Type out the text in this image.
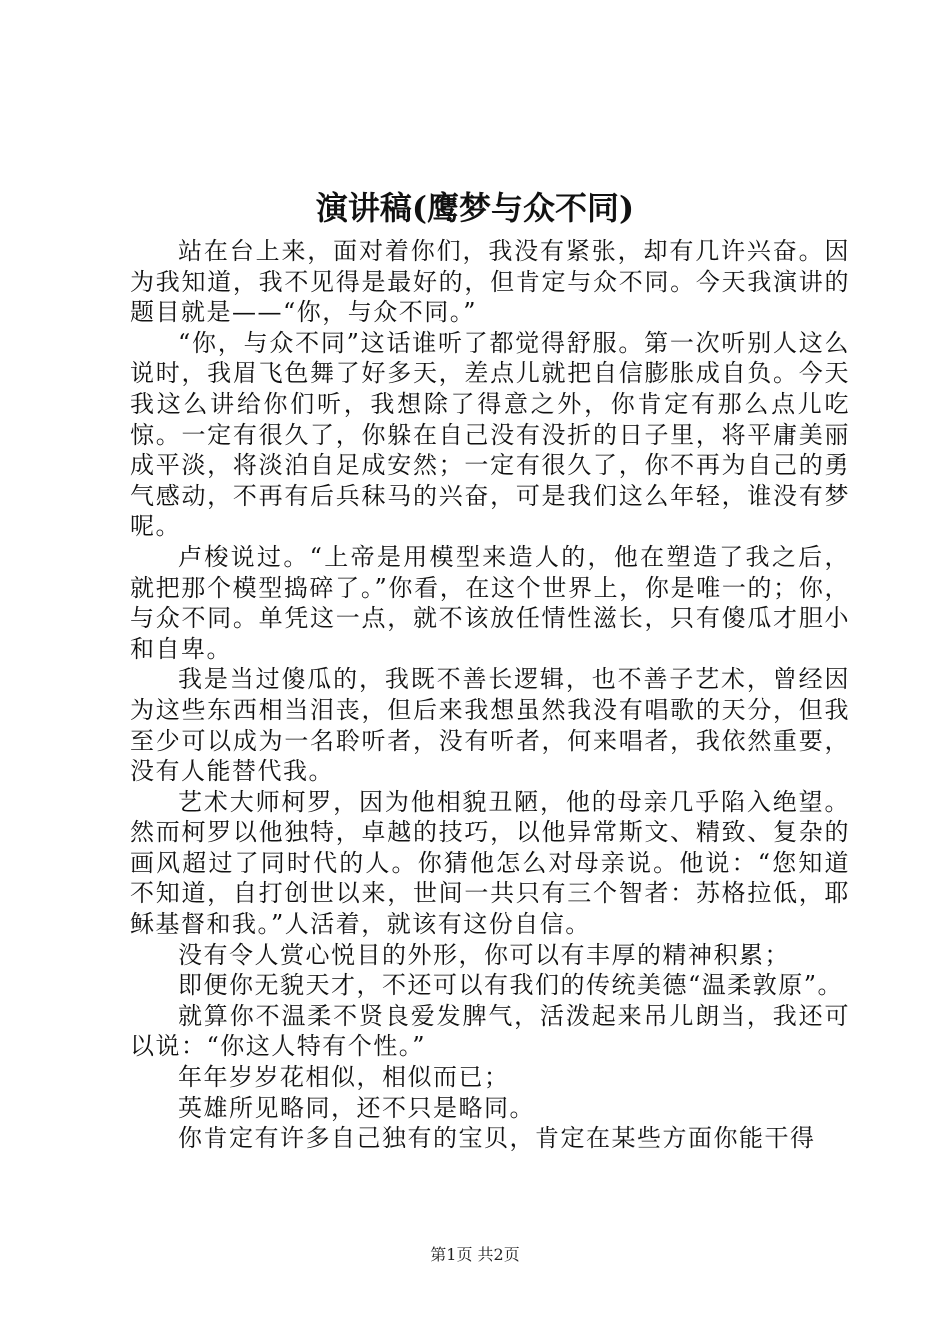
演讲稿(鹰梦与众不同)

站在台上来，面对着你们，我没有紧张，却有几许兴奋。因为我知道，我不见得是最好的，但肯定与众不同。今天我演讲的题目就是——“你，与众不同。”

“你，与众不同”这话谁听了都觉得舒服。第一次听别人这么说时，我眉飞色舞了好多天，差点儿就把自信膨胀成自负。今天我这么讲给你们听，我想除了得意之外，你肯定有那么点儿吃惊。一定有很久了，你躲在自己没有没折的日子里，将平庸美丽成平淡，将淡泊自足成安然；一定有很久了，你不再为自己的勇气感动，不再有后兵秣马的兴奋，可是我们这么年轻，谁没有梦呢。

卢梭说过。“上帝是用模型来造人的，他在塑造了我之后，就把那个模型捣碎了。”你看，在这个世界上，你是唯一的；你，与众不同。单凭这一点，就不该放任情性滋长，只有傻瓜才胆小和自卑。

我是当过傻瓜的，我既不善长逻辑，也不善子艺术，曾经因为这些东西相当泪丧，但后来我想虽然我没有唱歌的天分，但我至少可以成为一名聆听者，没有听者，何来唱者，我依然重要，没有人能替代我。

艺术大师柯罗，因为他相貌丑陋，他的母亲几乎陷入绝望。然而柯罗以他独特，卓越的技巧，以他异常斯文、精致、复杂的画风超过了同时代的人。你猜他怎么对母亲说。他说：“您知道不知道，自打创世以来，世间一共只有三个智者：苏格拉低，耶稣基督和我。”人活着，就该有这份自信。

没有令人赏心悦目的外形，你可以有丰厚的精神积累；

即便你无貌天才，不还可以有我们的传统美德“温柔敦原”。

就算你不温柔不贤良爱发脾气，活泼起来吊儿朗当，我还可以说：“你这人特有个性。”

年年岁岁花相似，相似而已；

英雄所见略同，还不只是略同。

你肯定有许多自己独有的宝贝，肯定在某些方面你能干得

第1页 共2页
